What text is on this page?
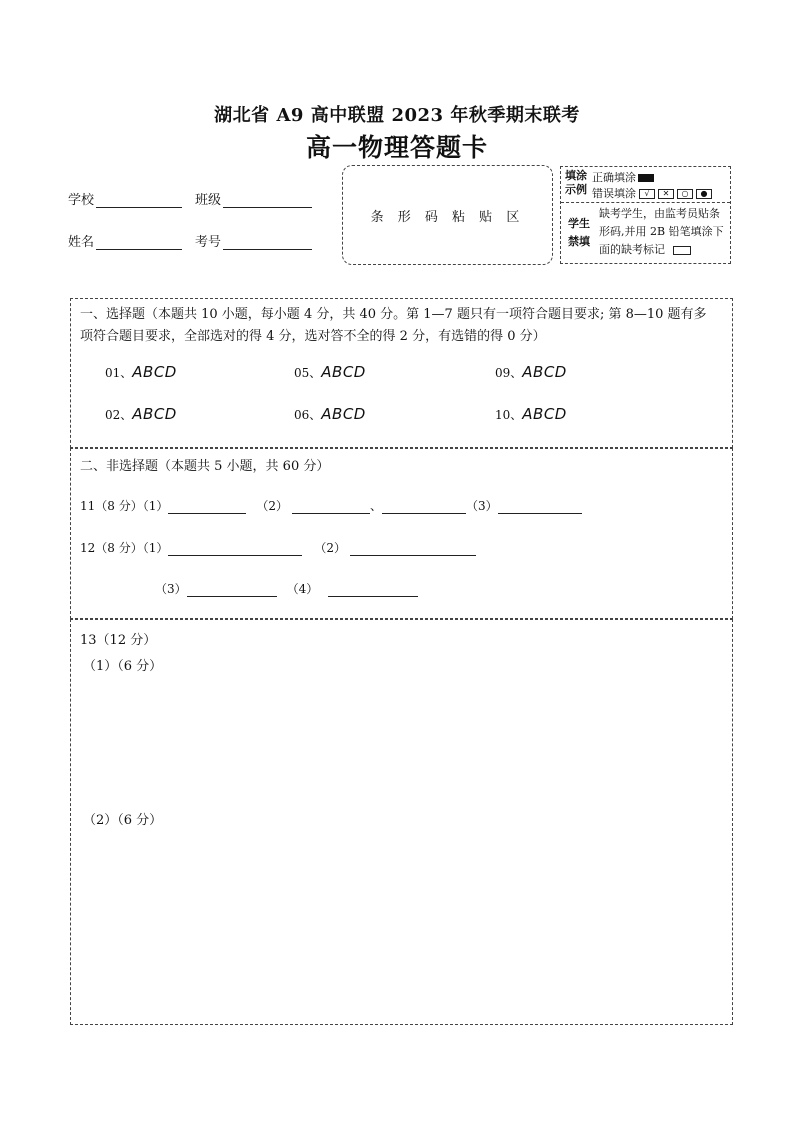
湖北省 A9 高中联盟 2023 年秋季期末联考
高一物理答题卡
学校	班级
姓名	考号
条 形 码 粘 贴 区
填涂
示例
正确填涂
错误填涂 √ ✕ ○ ●
学生
禁填
缺考学生，由监考员贴条
形码,并用 2B 铅笔填涂下
面的缺考标记
一、选择题（本题共 10 小题，每小题 4 分，共 40 分。第 1—7 题只有一项符合题目要求; 第 8—10 题有多
项符合题目要求，全部选对的得 4 分，选对答不全的得 2 分，有选错的得 0 分）
01、ABCD	05、ABCD	09、ABCD
02、ABCD	06、ABCD	10、ABCD
二、非选择题（本题共 5 小题，共 60 分）
11（8 分）（1）	（2）	、	（3）
12（8 分）（1）	（2）
（3）	（4）
13（12 分）
（1）（6 分）
（2）（6 分）
